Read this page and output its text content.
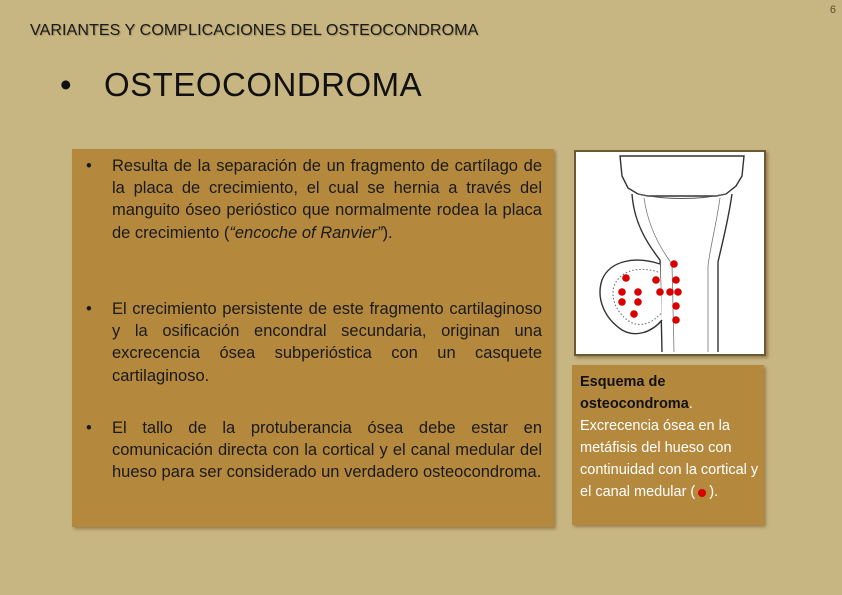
6
VARIANTES Y COMPLICACIONES DEL OSTEOCONDROMA
• OSTEOCONDROMA
•	Resulta de la separación de un fragmento de cartílago de la placa de crecimiento, el cual se hernia a través del manguito óseo perióstico que normalmente rodea la placa de crecimiento (“encoche of Ranvier”).
•	El crecimiento persistente de este fragmento cartilaginoso y la osificación encondral secundaria, originan una excrecencia ósea subperióstica con un casquete cartilaginoso.
•	El tallo de la protuberancia ósea debe estar en comunicación directa con la cortical y el canal medular del hueso para ser considerado un verdadero osteocondroma.
Esquema de osteocondroma. Excrecencia ósea en la metáfisis del hueso con continuidad con la cortical y el canal medular ( ).
